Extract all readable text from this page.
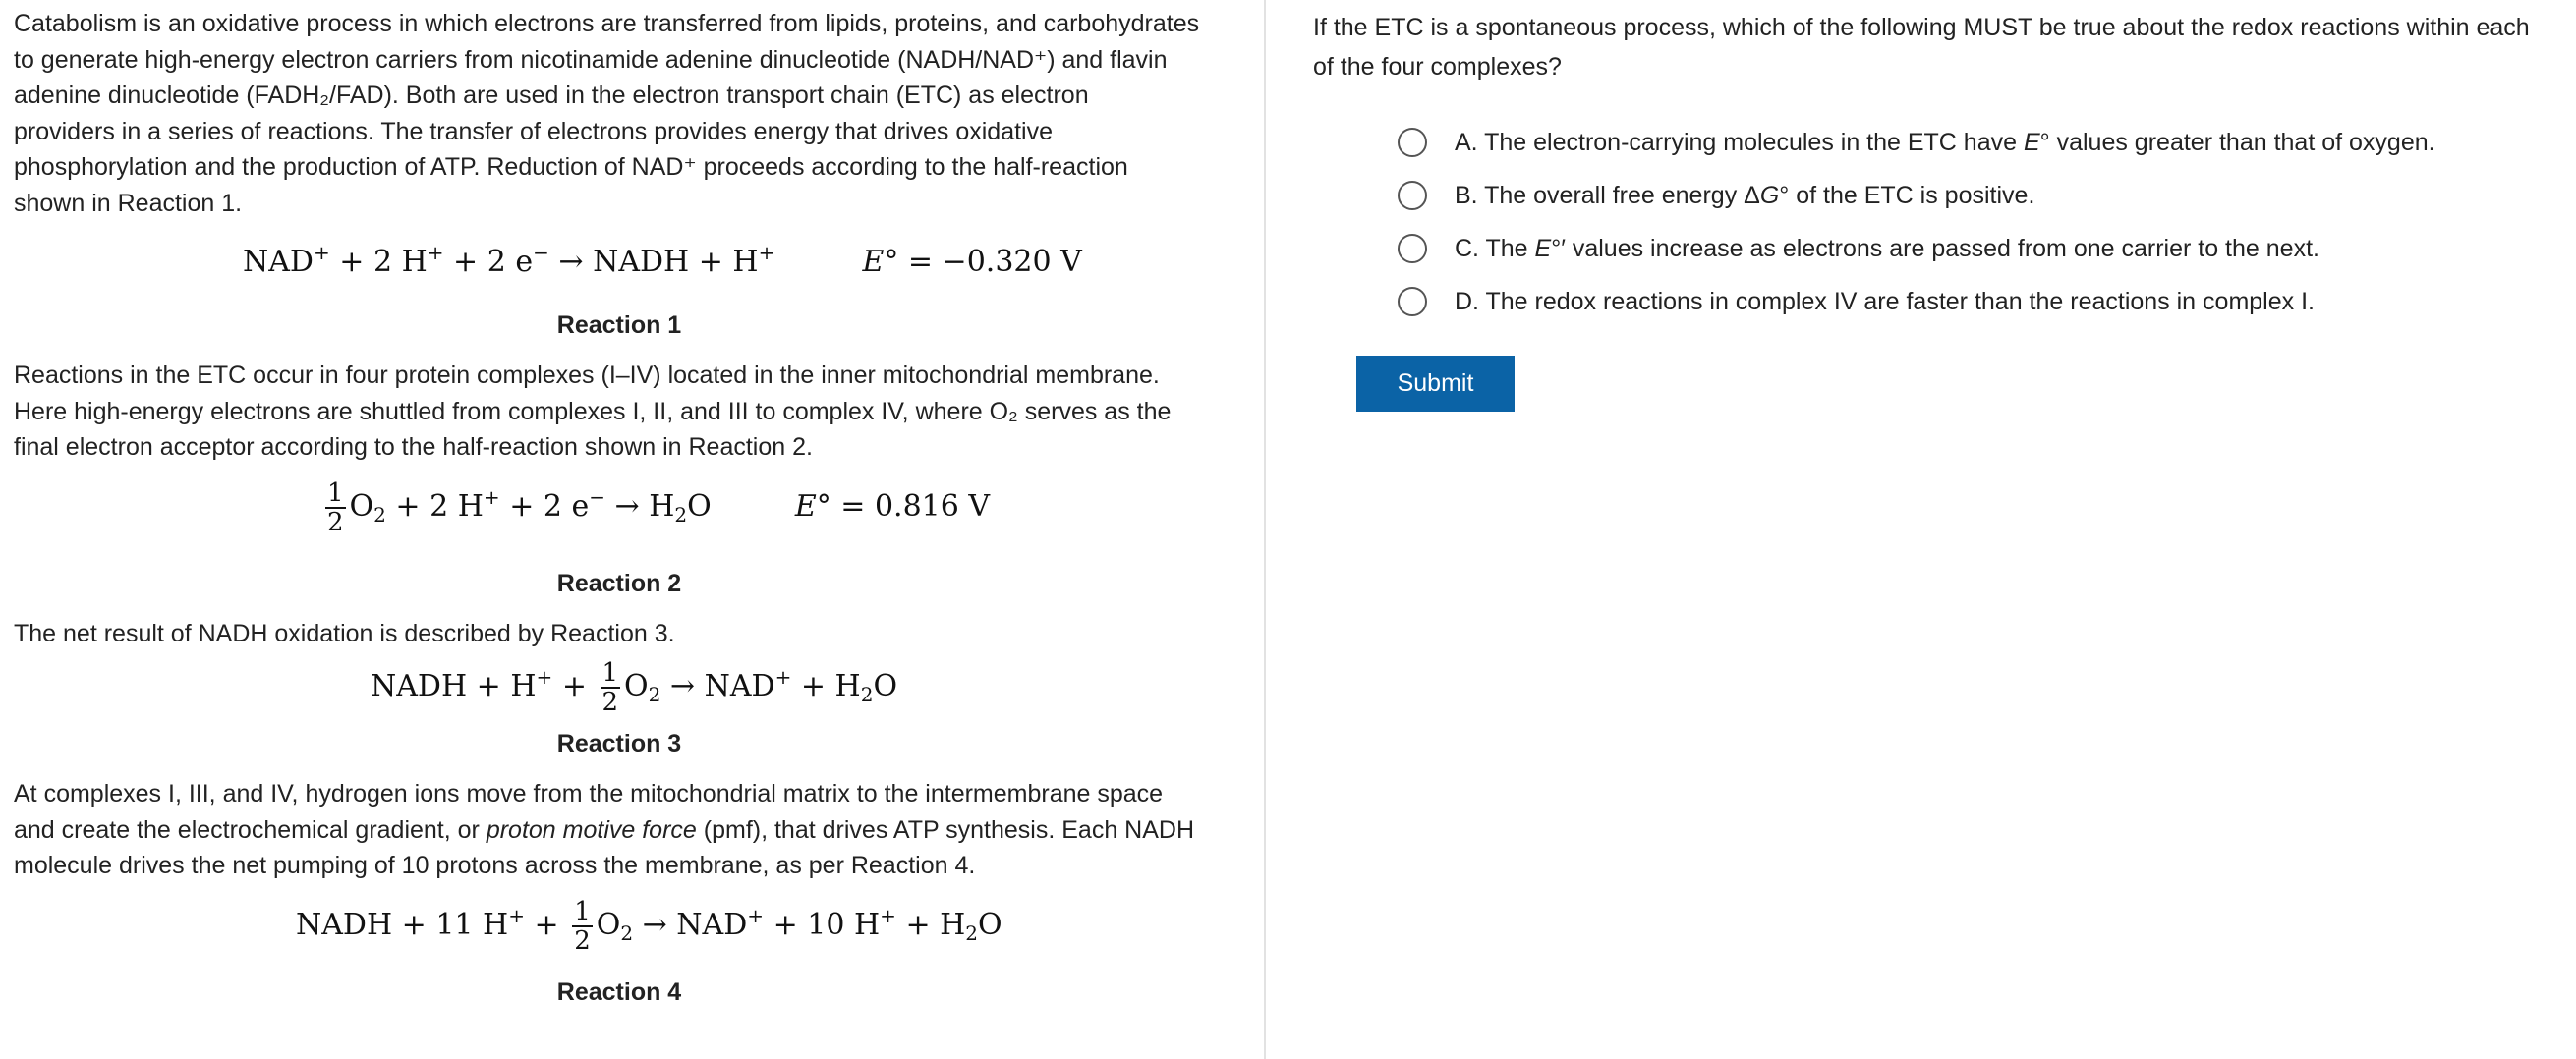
Catabolism is an oxidative process in which electrons are transferred from lipids, proteins, and carbohydrates
to generate high-energy electron carriers from nicotinamide adenine dinucleotide (NADH/NAD⁺) and flavin
adenine dinucleotide (FADH₂/FAD). Both are used in the electron transport chain (ETC) as electron
providers in a series of reactions. The transfer of electrons provides energy that drives oxidative
phosphorylation and the production of ATP. Reduction of NAD⁺ proceeds according to the half-reaction
shown in Reaction 1.

NAD+ + 2 H+ + 2 e− → NADH + H+	E° = −0.320 V

Reaction 1

Reactions in the ETC occur in four protein complexes (I–IV) located in the inner mitochondrial membrane.
Here high-energy electrons are shuttled from complexes I, II, and III to complex IV, where O₂ serves as the
final electron acceptor according to the half-reaction shown in Reaction 2.

$\frac{1}{2} O_2 + 2$ H+ + 2 $e^- \to H_2O$	E° = 0.816 V

Reaction 2

The net result of NADH oxidation is described by Reaction 3.

NADH + $H^+ + \frac{1}{2} O_2 \to NAD^+ + H_2O$

Reaction 3

At complexes I, III, and IV, hydrogen ions move from the mitochondrial matrix to the intermembrane space
and create the electrochemical gradient, or proton motive force (pmf), that drives ATP synthesis. Each NADH
molecule drives the net pumping of 10 protons across the membrane, as per Reaction 4.

NADH + 11 $H^+ + \frac{1}{2} O_2 \to NAD^+ + 10$ $H^+ + H_2O$

Reaction 4

If the ETC is a spontaneous process, which of the following MUST be true about the redox reactions within each
of the four complexes?

A. The electron-carrying molecules in the ETC have E° values greater than that of oxygen.
B. The overall free energy ΔG° of the ETC is positive.
C. The E°′ values increase as electrons are passed from one carrier to the next.
D. The redox reactions in complex IV are faster than the reactions in complex I.
Submit
